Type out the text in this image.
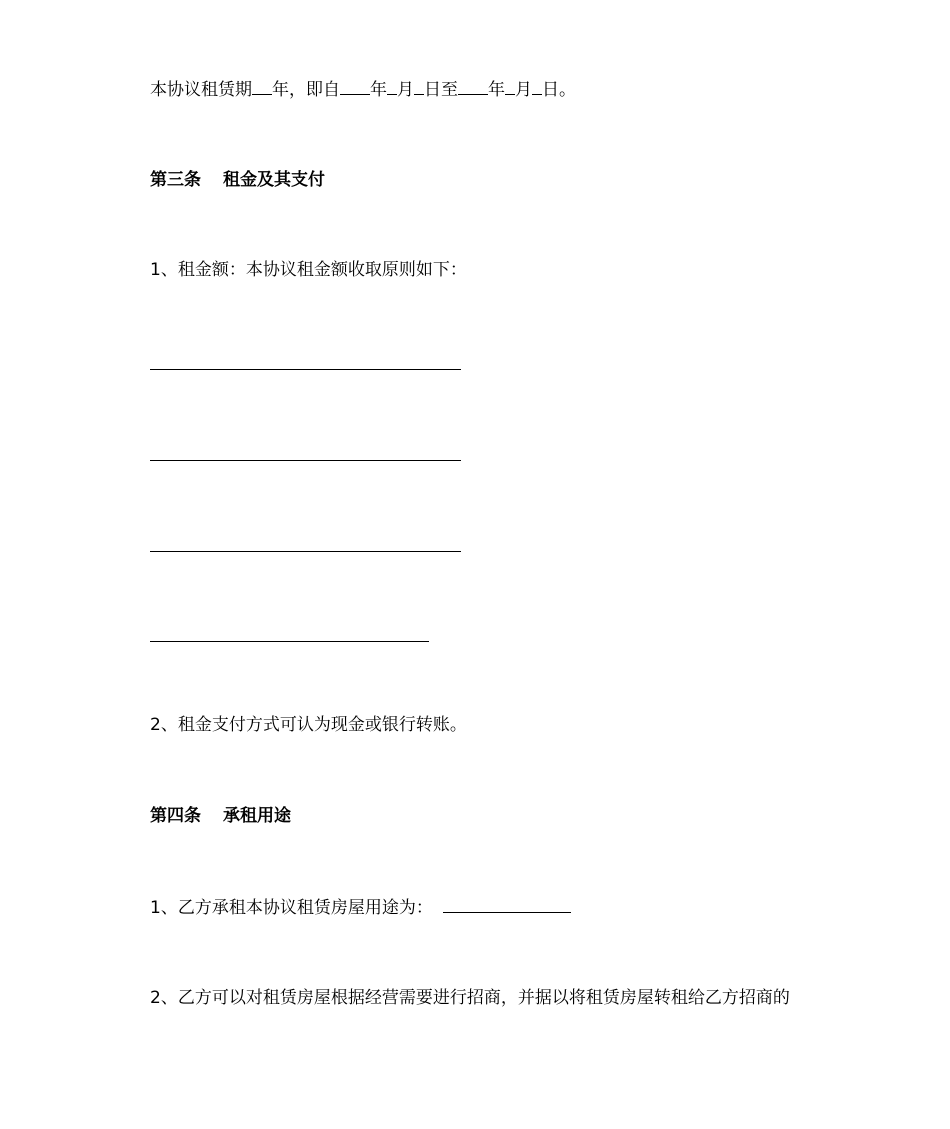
本协议租赁期 年，即自 年 月 日至 年 月 日。
第三条 租金及其支付
1、租金额：本协议租金额收取原则如下：
2、租金支付方式可认为现金或银行转账。
第四条 承租用途
1、乙方承租本协议租赁房屋用途为：
2、乙方可以对租赁房屋根据经营需要进行招商，并据以将租赁房屋转租给乙方招商的
